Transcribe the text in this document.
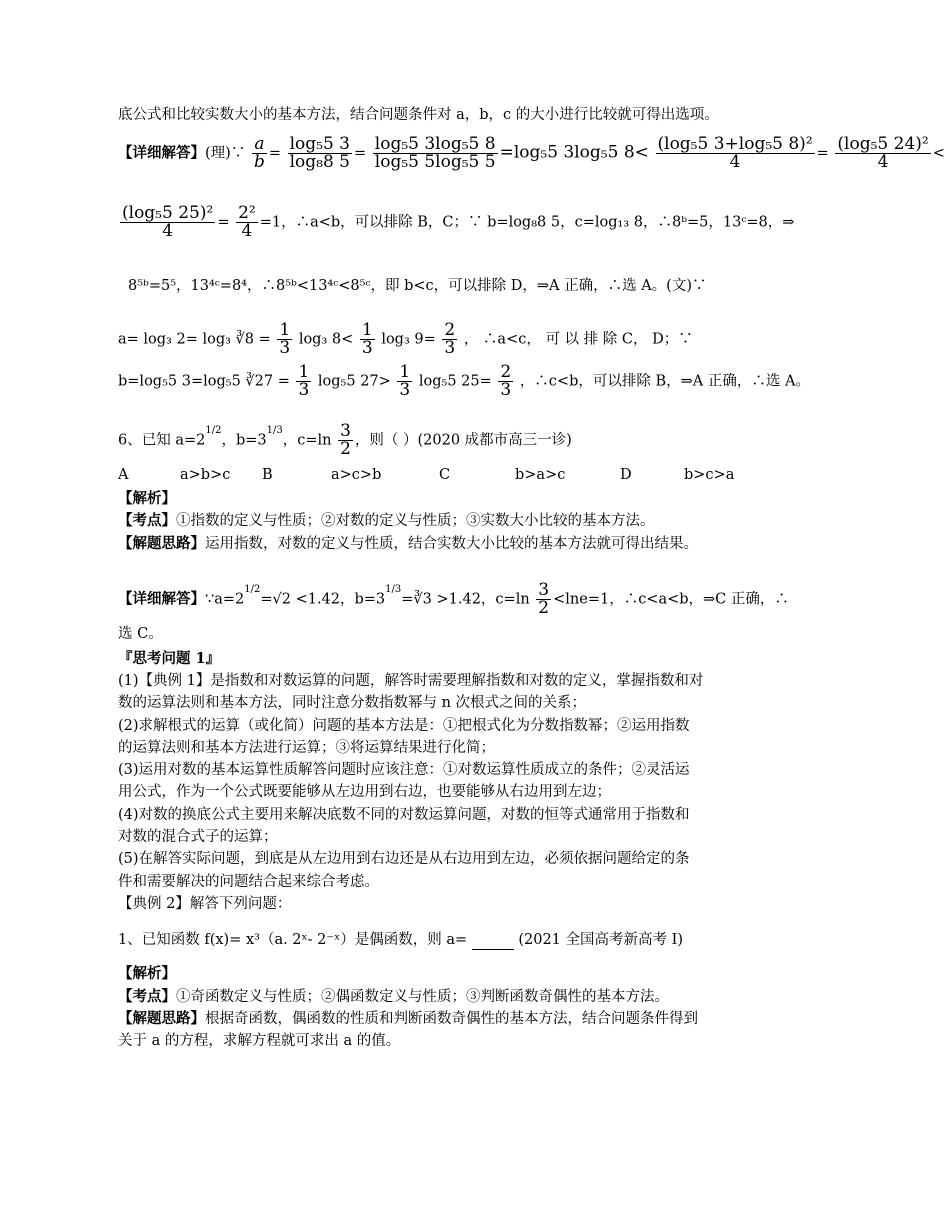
底公式和比较实数大小的基本方法，结合问题条件对 a，b，c 的大小进行比较就可得出选项。
【详细解答】(理)∵ $\frac{a}{b} = \frac{\text{log₅5 3}}{\text{log₈8 5}} = \frac{\text{log₅5 3log₅5 8}}{\text{log₅5 5log₅5 5}} =\log_55$ 3log₅5 $8< \frac{\text{(log₅5 3+log₅5 8)²}}{4} = \frac{\text{(log₅5 24)²}}{4}$ <
$\frac{\text{(log₅5 25)²}}{4} = \frac{\text{2²}}{4} =1$，∴a<b，可以排除 B，C；∵ b=log₈8 5，c=log₁₃ 8，∴8ᵇ=5，13ᶜ=8，⇒
8⁵ᵇ=5⁵，13⁴ᶜ=8⁴，∴8⁵ᵇ<13⁴ᶜ<8⁵ᶜ，即 b<c，可以排除 D，⇒A 正确，∴选 A。(文)∵
a= log₃ 2= log₃ ∛8 = $\frac{1}{3} \log_3$ $8< \frac{1}{3} \log_3$ $9= \frac{2}{3}$ ， ∴a<c， 可 以 排 除 C， D；∵
b=log₅5 3=log₅5 ∛27 = $\frac{1}{3} \log_55$ $27> \frac{1}{3} \log_55$ $25= \frac{2}{3}$ ，∴c<b，可以排除 B，⇒A 正确，∴选 A。
6、已知 $a=2^{1/2}$，$b=3^{1/3}$，$c=\ln \frac{3}{2}$ ，则（ ）(2020 成都市高三一诊)
A	a>b>c B	a>c>b	C	b>a>c	D	b>c>a
【解析】
【考点】①指数的定义与性质；②对数的定义与性质；③实数大小比较的基本方法。
【解题思路】运用指数，对数的定义与性质，结合实数大小比较的基本方法就可得出结果。
【详细解答】$\because a=2^{1/2}=√2 <1.42$，$b=3^{1/3}=∛3 >1.42$，$c=\ln \frac{3}{2} <\ln e=1$，∴c<a<b，⇒C 正确，∴
选 C。
『思考问题 1』
(1)【典例 1】是指数和对数运算的问题，解答时需要理解指数和对数的定义，掌握指数和对
数的运算法则和基本方法，同时注意分数指数幂与 n 次根式之间的关系；
(2)求解根式的运算（或化简）问题的基本方法是：①把根式化为分数指数幂；②运用指数
的运算法则和基本方法进行运算；③将运算结果进行化简；
(3)运用对数的基本运算性质解答问题时应该注意：①对数运算性质成立的条件；②灵活运
用公式，作为一个公式既要能够从左边用到右边，也要能够从右边用到左边；
(4)对数的换底公式主要用来解决底数不同的对数运算问题，对数的恒等式通常用于指数和
对数的混合式子的运算；
(5)在解答实际问题，到底是从左边用到右边还是从右边用到左边，必须依据问题给定的条
件和需要解决的问题结合起来综合考虑。
【典例 2】解答下列问题：
1、已知函数 f(x)= x³（a. 2ˣ- 2⁻ˣ）是偶函数，则 a=	(2021 全国高考新高考 I)
【解析】
【考点】①奇函数定义与性质；②偶函数定义与性质；③判断函数奇偶性的基本方法。
【解题思路】根据奇函数，偶函数的性质和判断函数奇偶性的基本方法，结合问题条件得到
关于 a 的方程，求解方程就可求出 a 的值。
